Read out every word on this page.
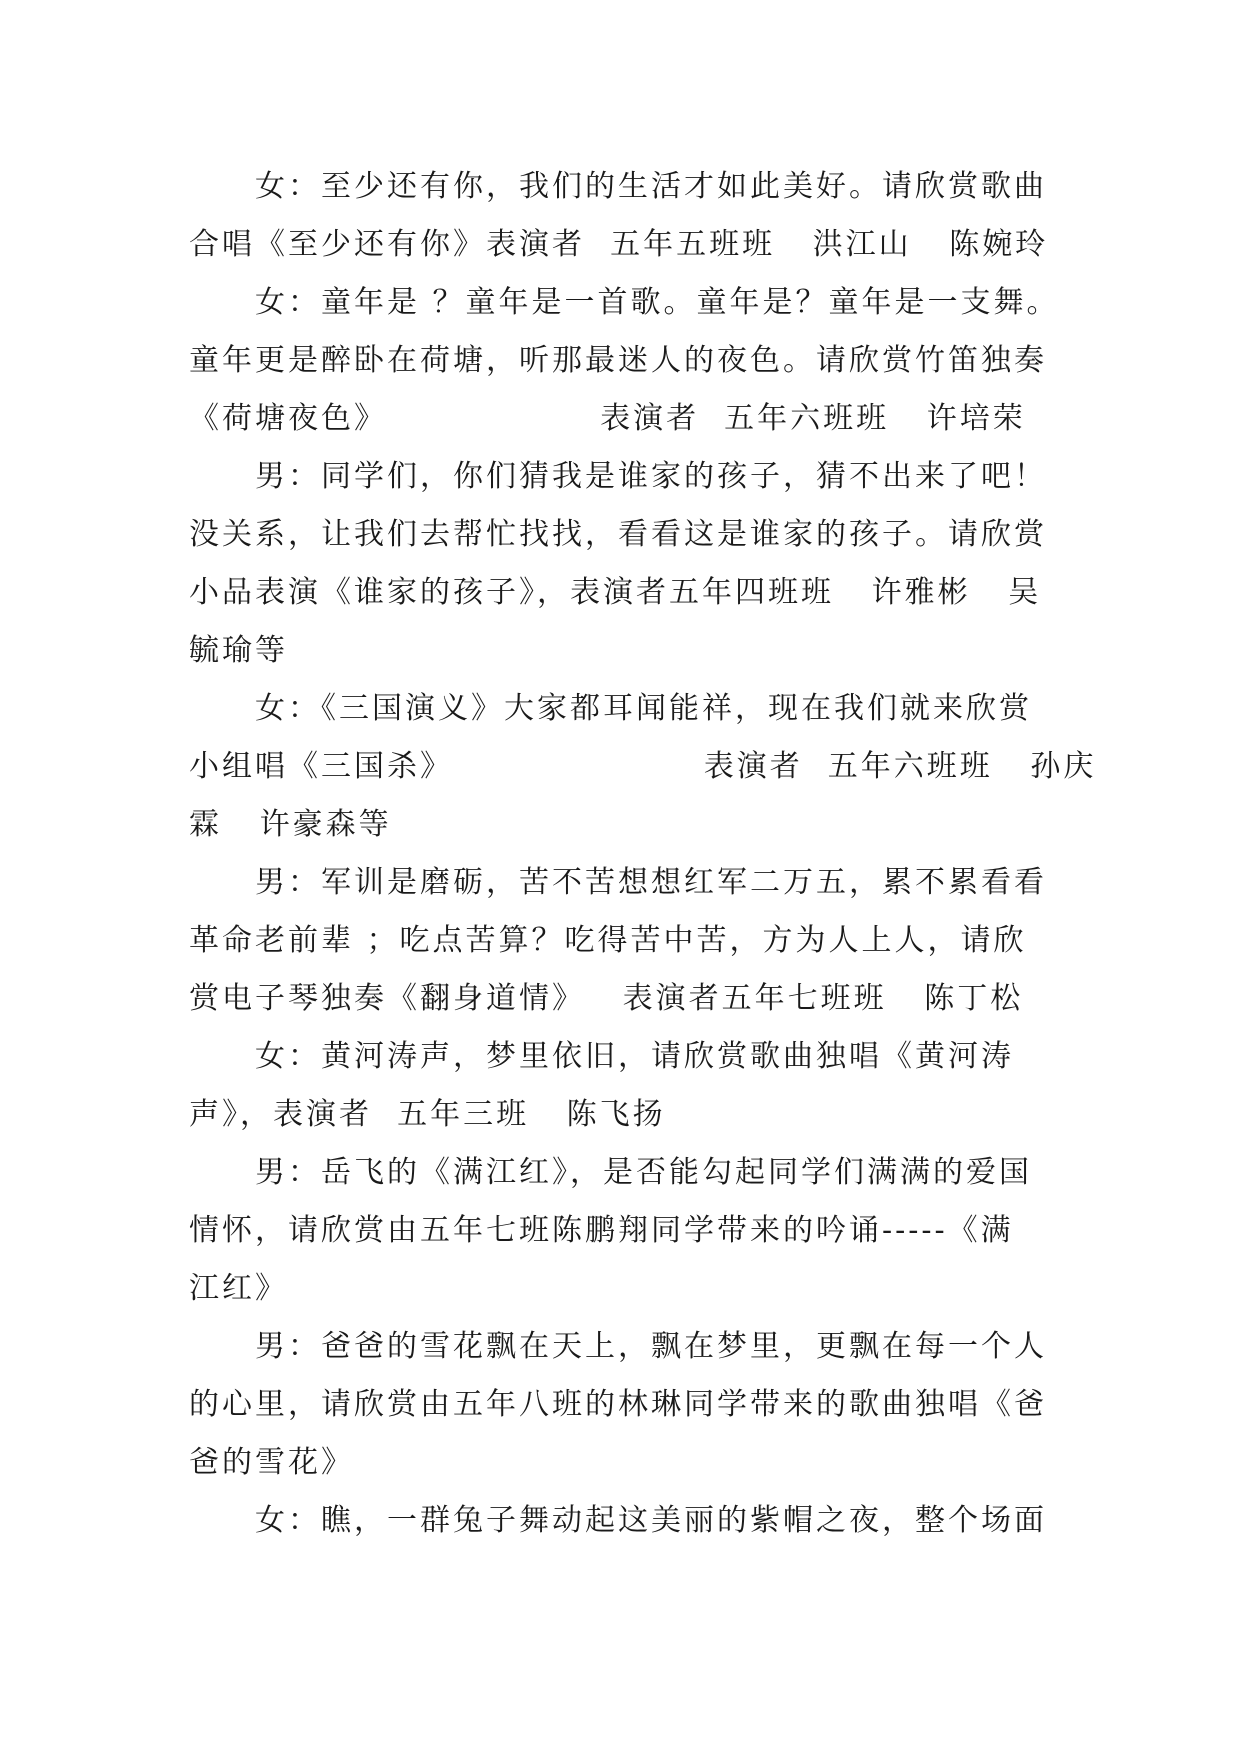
女：至少还有你，我们的生活才如此美好。请欣赏歌曲
合唱《至少还有你》表演者  五年五班班   洪江山   陈婉玲
女：童年是 ？童年是一首歌。童年是？童年是一支舞。
童年更是醉卧在荷塘，听那最迷人的夜色。请欣赏竹笛独奏
《荷塘夜色》                 表演者  五年六班班   许培荣
男：同学们，你们猜我是谁家的孩子，猜不出来了吧！
没关系，让我们去帮忙找找，看看这是谁家的孩子。请欣赏
小品表演《谁家的孩子》，表演者五年四班班   许雅彬   吴
毓瑜等
女：《三国演义》大家都耳闻能祥，现在我们就来欣赏
小组唱《三国杀》                    表演者  五年六班班   孙庆
霖   许豪森等
男：军训是磨砺，苦不苦想想红军二万五，累不累看看
革命老前辈 ；吃点苦算？吃得苦中苦，方为人上人，请欣
赏电子琴独奏《翻身道情》   表演者五年七班班   陈丁松
女：黄河涛声，梦里依旧，请欣赏歌曲独唱《黄河涛
声》，表演者  五年三班   陈飞扬
男：岳飞的《满江红》，是否能勾起同学们满满的爱国
情怀，请欣赏由五年七班陈鹏翔同学带来的吟诵-----《满
江红》
男：爸爸的雪花飘在天上，飘在梦里，更飘在每一个人
的心里，请欣赏由五年八班的林琳同学带来的歌曲独唱《爸
爸的雪花》
女：瞧，一群兔子舞动起这美丽的紫帽之夜，整个场面
